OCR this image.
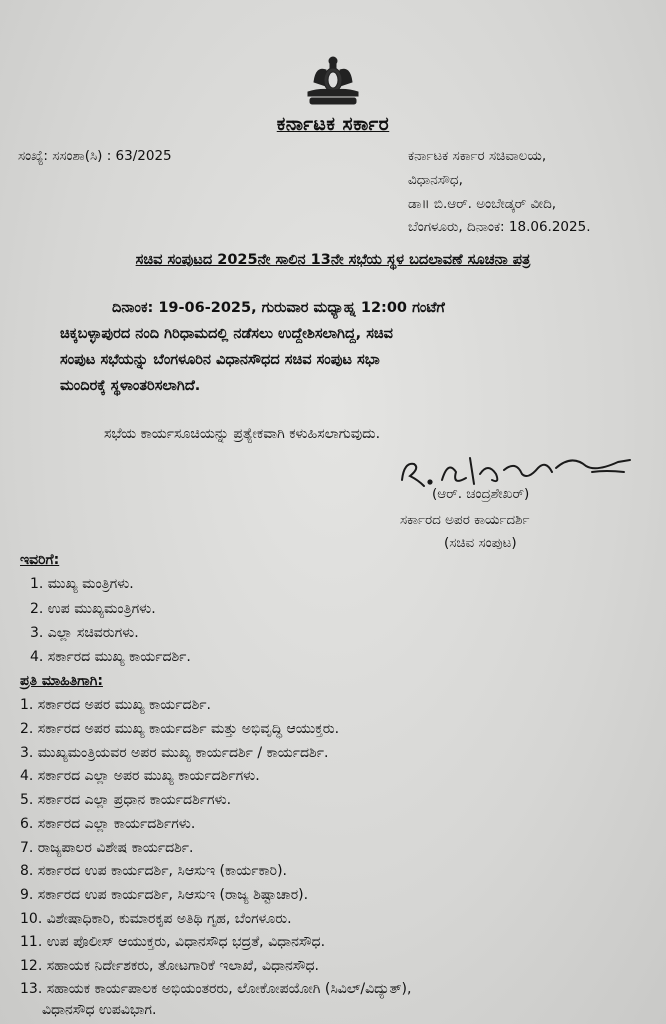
ಕರ್ನಾಟಕ ಸರ್ಕಾರ
ಸಂಖ್ಯೆ: ಸಸಂಶಾ(ಸಿ) : 63/2025	ಕರ್ನಾಟಕ ಸರ್ಕಾರ ಸಚಿವಾಲಯ,
ವಿಧಾನಸೌಧ,
ಡಾ॥ ಬಿ.ಆರ್. ಅಂಬೇಡ್ಕರ್ ವೀದಿ,
ಬೆಂಗಳೂರು, ದಿನಾಂಕ: 18.06.2025.
ಸಚಿವ ಸಂಪುಟದ 2025ನೇ ಸಾಲಿನ 13ನೇ ಸಭೆಯ ಸ್ಥಳ ಬದಲಾವಣೆ ಸೂಚನಾ ಪತ್ರ
ದಿನಾಂಕ: 19-06-2025, ಗುರುವಾರ ಮಧ್ಯಾಹ್ನ 12:00 ಗಂಟೆಗೆ
ಚಿಕ್ಕಬಳ್ಳಾಪುರದ ನಂದಿ ಗಿರಿಧಾಮದಲ್ಲಿ ನಡೆಸಲು ಉದ್ದೇಶಿಸಲಾಗಿದ್ದ, ಸಚಿವ
ಸಂಪುಟ ಸಭೆಯನ್ನು ಬೆಂಗಳೂರಿನ ವಿಧಾನಸೌಧದ ಸಚಿವ ಸಂಪುಟ ಸಭಾ
ಮಂದಿರಕ್ಕೆ ಸ್ಥಳಾಂತರಿಸಲಾಗಿದೆ.
ಸಭೆಯ ಕಾರ್ಯಸೂಚಿಯನ್ನು ಪ್ರತ್ಯೇಕವಾಗಿ ಕಳುಹಿಸಲಾಗುವುದು.
(ಆರ್. ಚಂದ್ರಶೇಖರ್)
ಸರ್ಕಾರದ ಅಪರ ಕಾರ್ಯದರ್ಶಿ
(ಸಚಿವ ಸಂಪುಟ)
ಇವರಿಗೆ:
1. ಮುಖ್ಯ ಮಂತ್ರಿಗಳು.
2. ಉಪ ಮುಖ್ಯಮಂತ್ರಿಗಳು.
3. ಎಲ್ಲಾ ಸಚಿವರುಗಳು.
4. ಸರ್ಕಾರದ ಮುಖ್ಯ ಕಾರ್ಯದರ್ಶಿ.
ಪ್ರತಿ ಮಾಹಿತಿಗಾಗಿ:
1. ಸರ್ಕಾರದ ಅಪರ ಮುಖ್ಯ ಕಾರ್ಯದರ್ಶಿ.
2. ಸರ್ಕಾರದ ಅಪರ ಮುಖ್ಯ ಕಾರ್ಯದರ್ಶಿ ಮತ್ತು ಅಭಿವೃದ್ಧಿ ಆಯುಕ್ತರು.
3. ಮುಖ್ಯಮಂತ್ರಿಯವರ ಅಪರ ಮುಖ್ಯ ಕಾರ್ಯದರ್ಶಿ / ಕಾರ್ಯದರ್ಶಿ.
4. ಸರ್ಕಾರದ ಎಲ್ಲಾ ಅಪರ ಮುಖ್ಯ ಕಾರ್ಯದರ್ಶಿಗಳು.
5. ಸರ್ಕಾರದ ಎಲ್ಲಾ ಪ್ರಧಾನ ಕಾರ್ಯದರ್ಶಿಗಳು.
6. ಸರ್ಕಾರದ ಎಲ್ಲಾ ಕಾರ್ಯದರ್ಶಿಗಳು.
7. ರಾಜ್ಯಪಾಲರ ವಿಶೇಷ ಕಾರ್ಯದರ್ಶಿ.
8. ಸರ್ಕಾರದ ಉಪ ಕಾರ್ಯದರ್ಶಿ, ಸಿಆಸುಇ (ಕಾರ್ಯಕಾರಿ).
9. ಸರ್ಕಾರದ ಉಪ ಕಾರ್ಯದರ್ಶಿ, ಸಿಆಸುಇ (ರಾಜ್ಯ ಶಿಷ್ಟಾಚಾರ).
10. ವಿಶೇಷಾಧಿಕಾರಿ, ಕುಮಾರಕೃಪ ಅತಿಥಿ ಗೃಹ, ಬೆಂಗಳೂರು.
11. ಉಪ ಪೊಲೀಸ್ ಆಯುಕ್ತರು, ವಿಧಾನಸೌಧ ಭದ್ರತೆ, ವಿಧಾನಸೌಧ.
12. ಸಹಾಯಕ ನಿರ್ದೇಶಕರು, ತೋಟಗಾರಿಕೆ ಇಲಾಖೆ, ವಿಧಾನಸೌಧ.
13. ಸಹಾಯಕ ಕಾರ್ಯಪಾಲಕ ಅಭಿಯಂತರರು, ಲೋಕೋಪಯೋಗಿ (ಸಿವಿಲ್/ವಿದ್ಯುತ್),
ವಿಧಾನಸೌಧ ಉಪವಿಭಾಗ.
